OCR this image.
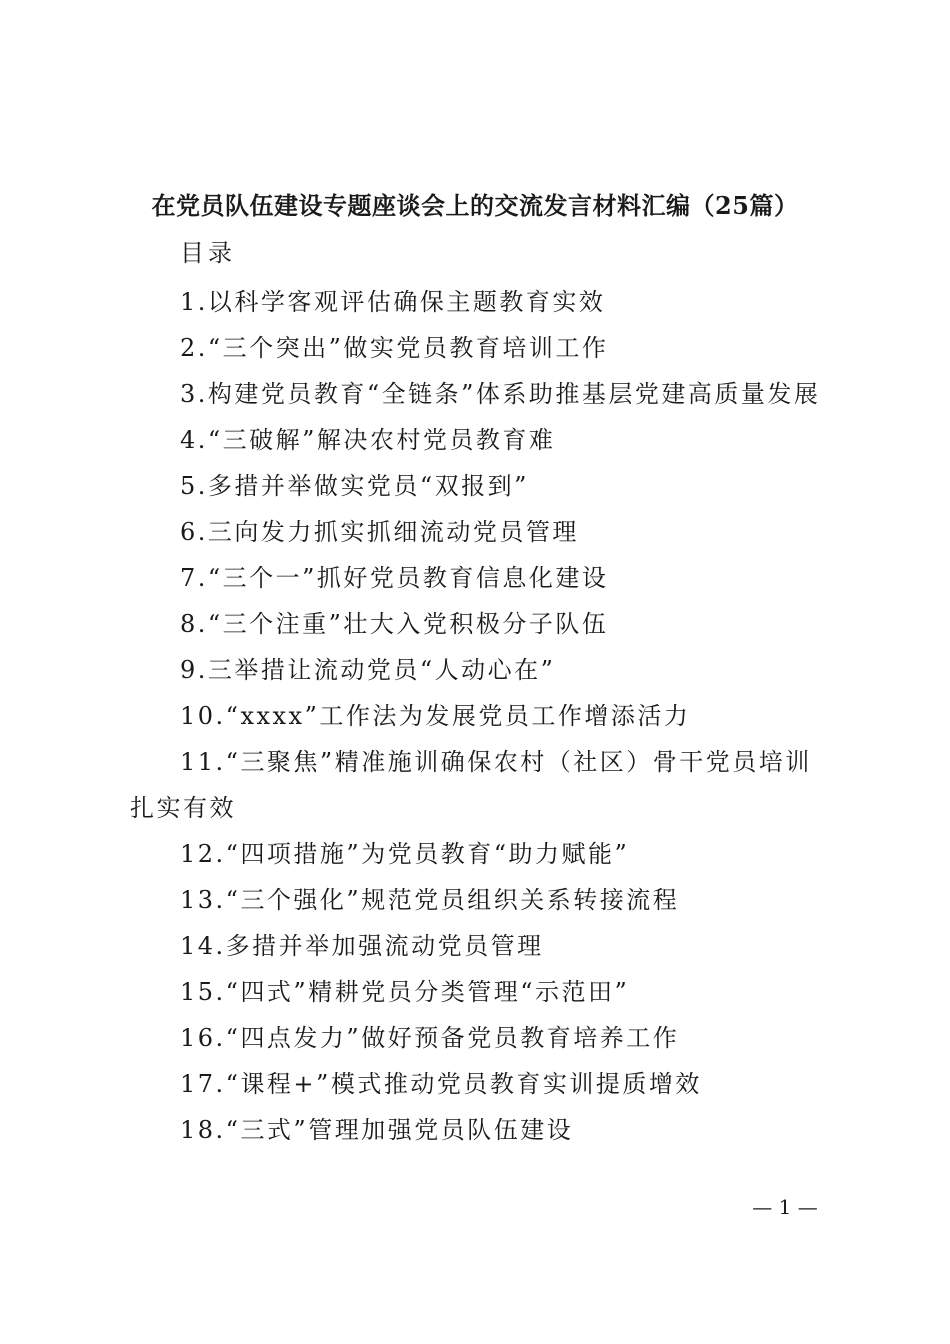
在党员队伍建设专题座谈会上的交流发言材料汇编（25篇）
目录
1.以科学客观评估确保主题教育实效
2.“三个突出”做实党员教育培训工作
3.构建党员教育“全链条”体系助推基层党建高质量发展
4.“三破解”解决农村党员教育难
5.多措并举做实党员“双报到”
6.三向发力抓实抓细流动党员管理
7.“三个一”抓好党员教育信息化建设
8.“三个注重”壮大入党积极分子队伍
9.三举措让流动党员“人动心在”
10.“xxxx”工作法为发展党员工作增添活力
11.“三聚焦”精准施训确保农村（社区）骨干党员培训扎实有效
12.“四项措施”为党员教育“助力赋能”
13.“三个强化”规范党员组织关系转接流程
14.多措并举加强流动党员管理
15.“四式”精耕党员分类管理“示范田”
16.“四点发力”做好预备党员教育培养工作
17.“课程+”模式推动党员教育实训提质增效
18.“三式”管理加强党员队伍建设
— 1 —
